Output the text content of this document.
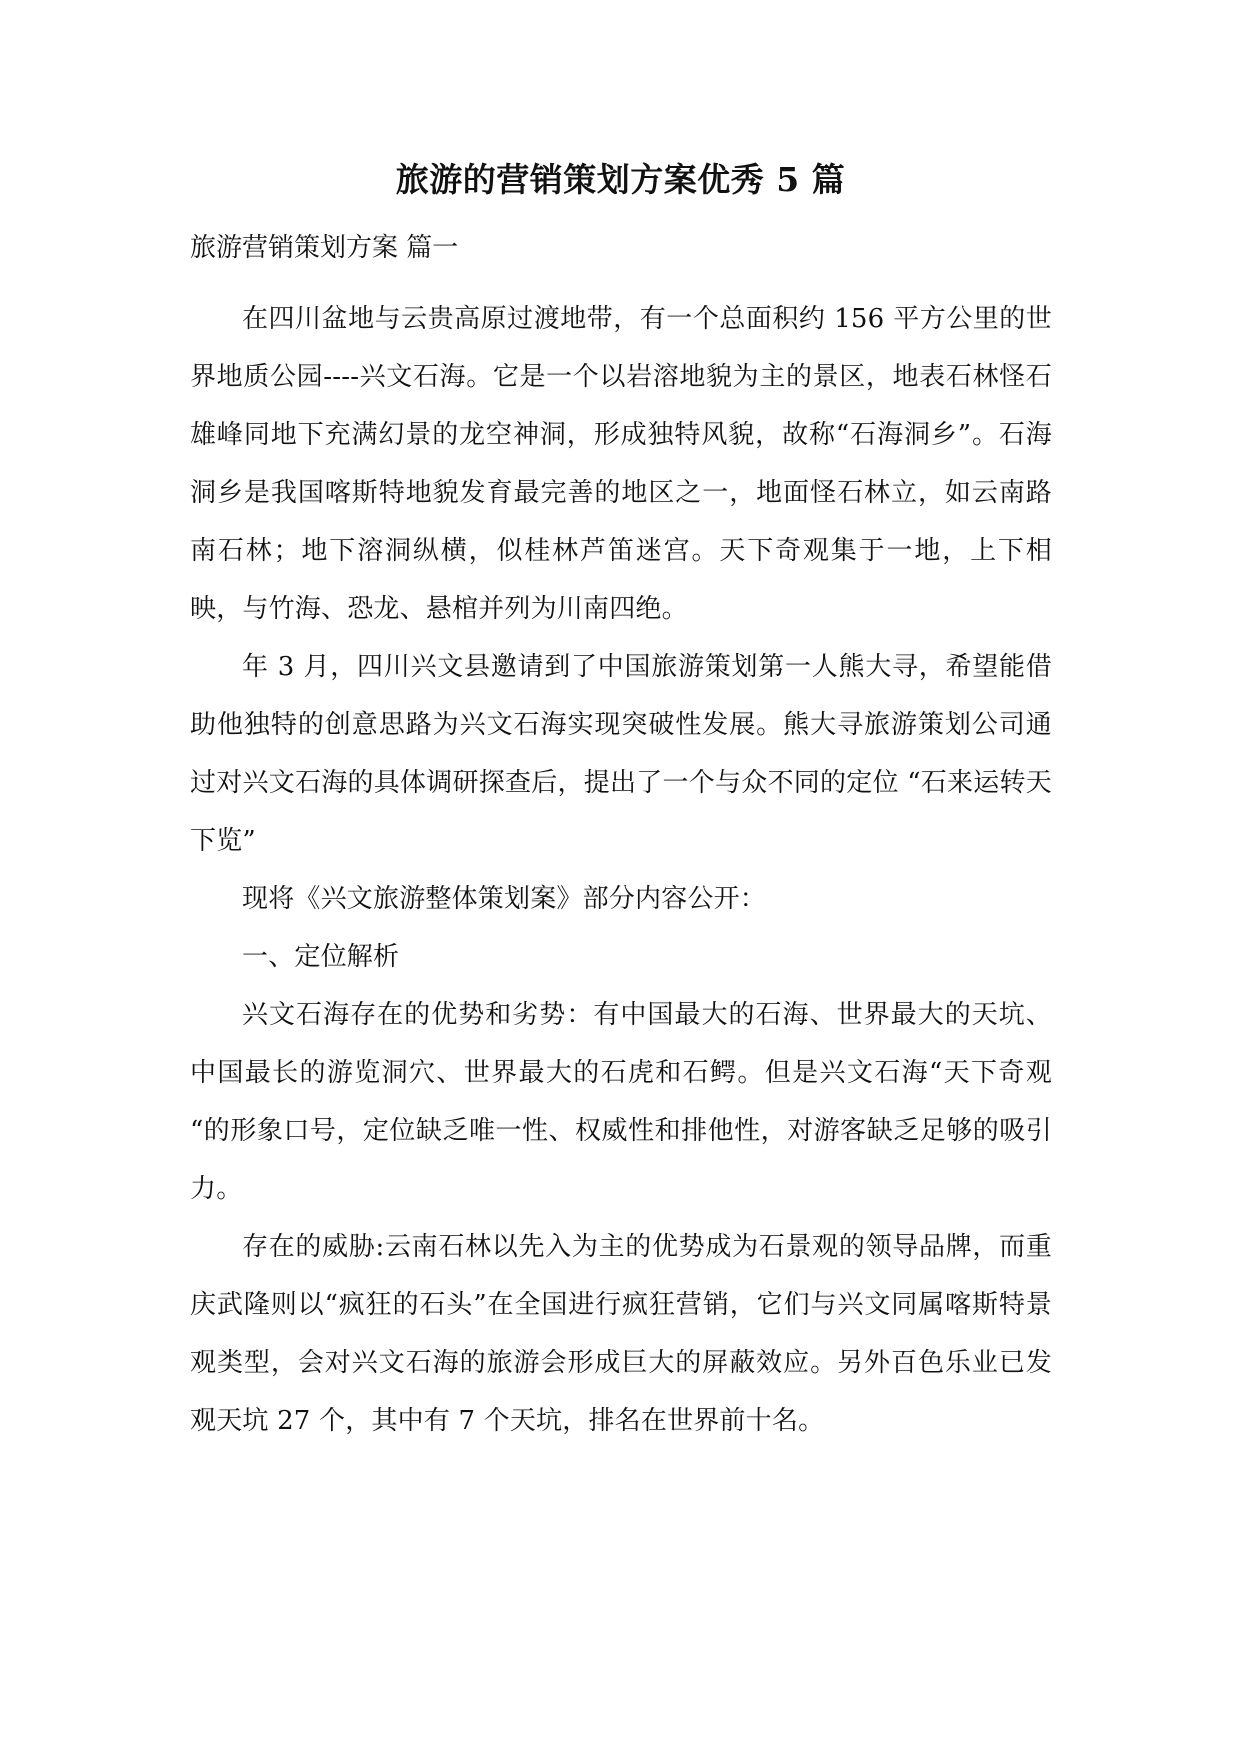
旅游的营销策划方案优秀 5 篇
旅游营销策划方案 篇一

在四川盆地与云贵高原过渡地带，有一个总面积约 156 平方公里的世界地质公园----兴文石海。它是一个以岩溶地貌为主的景区，地表石林怪石雄峰同地下充满幻景的龙空神洞，形成独特风貌，故称“石海洞乡”。石海洞乡是我国喀斯特地貌发育最完善的地区之一，地面怪石林立，如云南路南石林；地下溶洞纵横，似桂林芦笛迷宫。天下奇观集于一地，上下相映，与竹海、恐龙、悬棺并列为川南四绝。

年 3 月，四川兴文县邀请到了中国旅游策划第一人熊大寻，希望能借助他独特的创意思路为兴文石海实现突破性发展。熊大寻旅游策划公司通过对兴文石海的具体调研探查后，提出了一个与众不同的定位 “石来运转天下览”

现将《兴文旅游整体策划案》部分内容公开：

一、定位解析

兴文石海存在的优势和劣势：有中国最大的石海、世界最大的天坑、中国最长的游览洞穴、世界最大的石虎和石鳄。但是兴文石海“天下奇观 “的形象口号，定位缺乏唯一性、权威性和排他性，对游客缺乏足够的吸引力。

存在的威胁:云南石林以先入为主的优势成为石景观的领导品牌，而重庆武隆则以“疯狂的石头”在全国进行疯狂营销，它们与兴文同属喀斯特景观类型，会对兴文石海的旅游会形成巨大的屏蔽效应。另外百色乐业已发观天坑 27 个，其中有 7 个天坑，排名在世界前十名。
